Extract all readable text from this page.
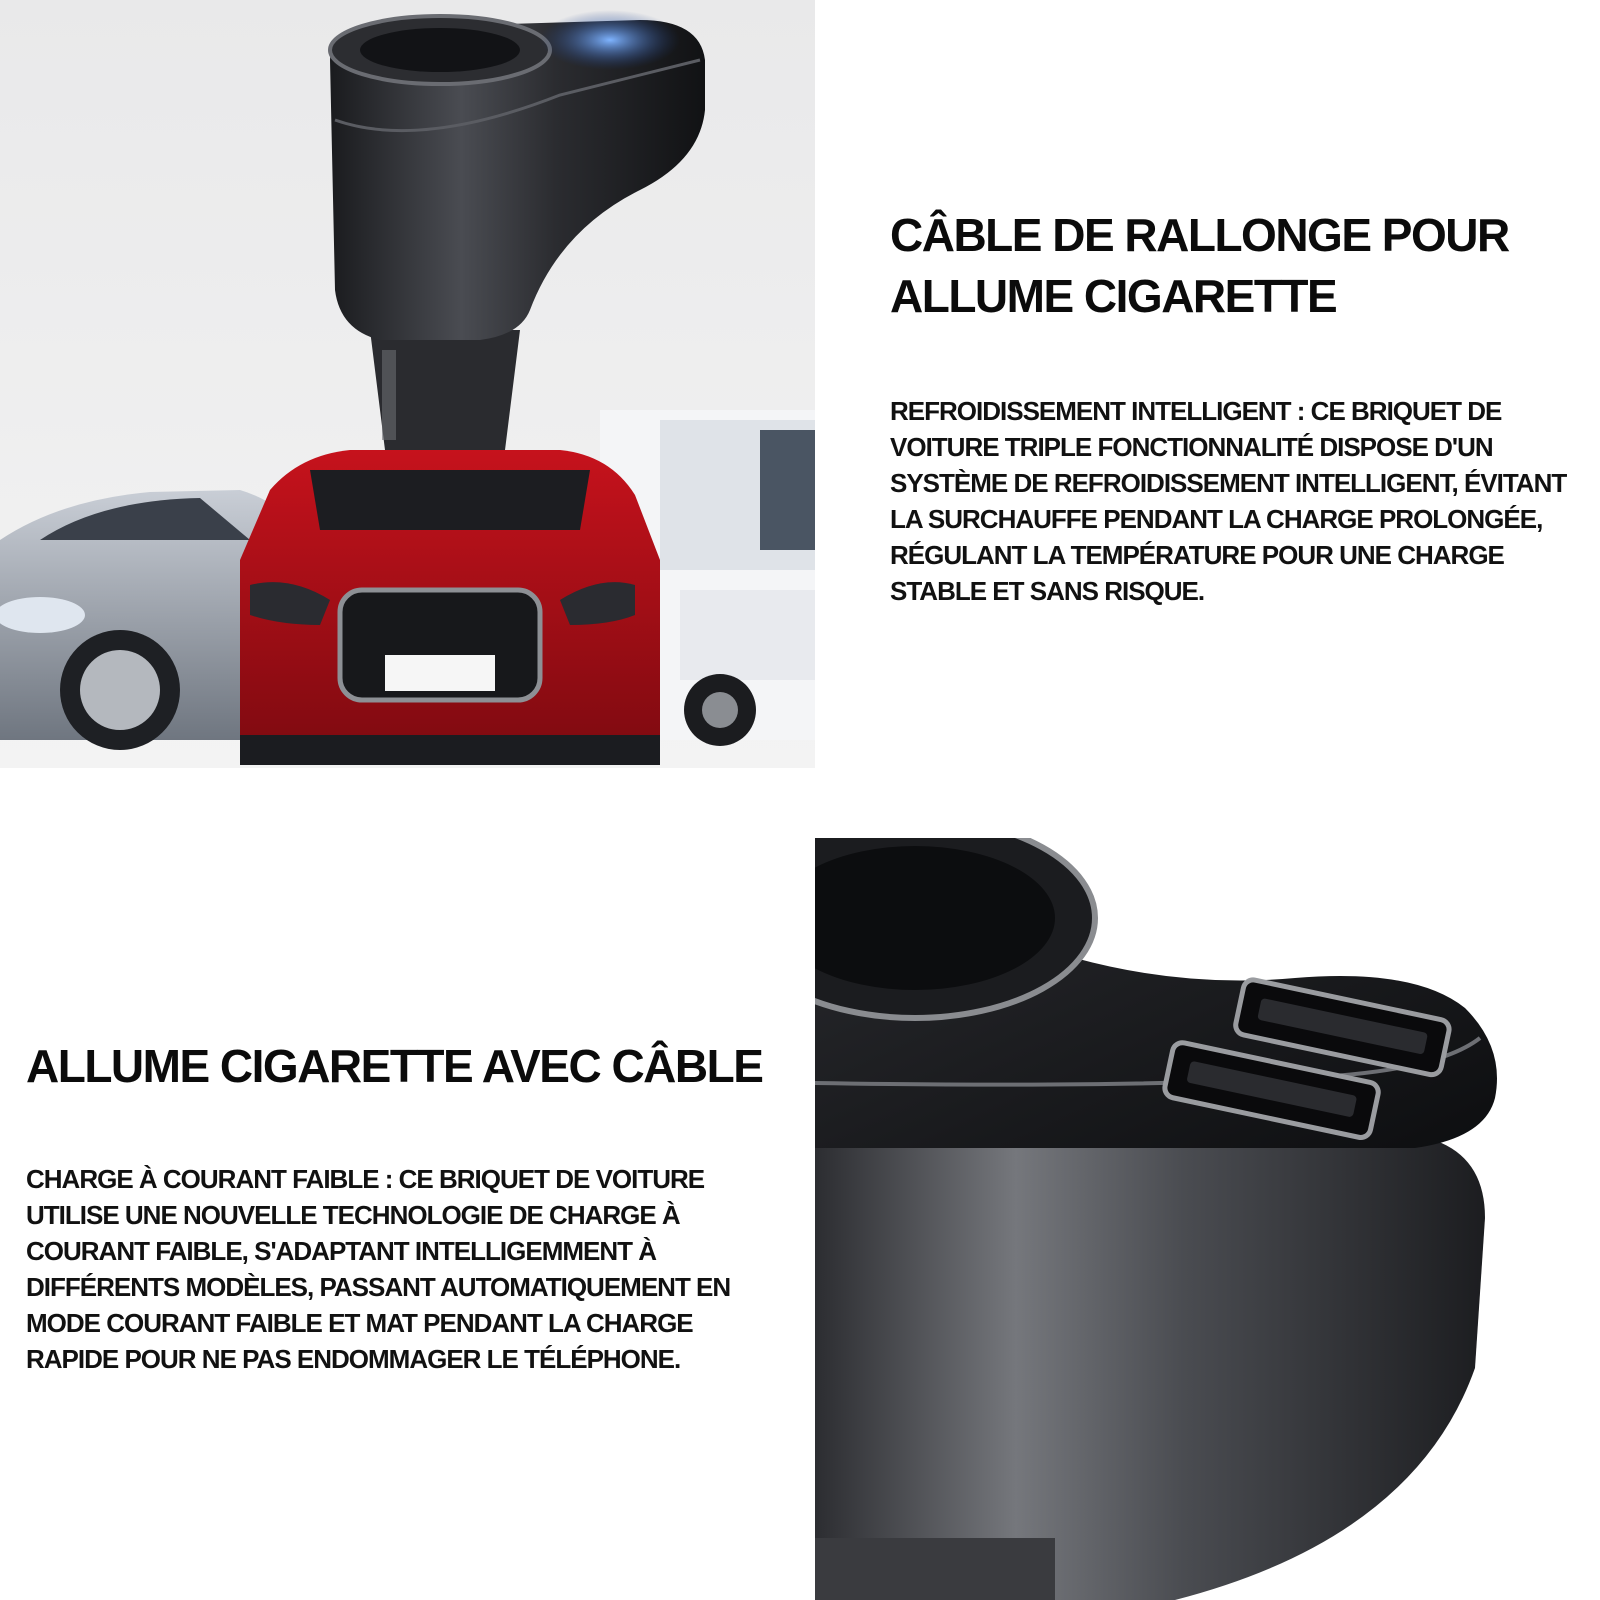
CÂBLE DE RALLONGE POUR ALLUME CIGARETTE

REFROIDISSEMENT INTELLIGENT : CE BRIQUET DE VOITURE TRIPLE FONCTIONNALITÉ DISPOSE D'UN SYSTÈME DE REFROIDISSEMENT INTELLIGENT, ÉVITANT LA SURCHAUFFE PENDANT LA CHARGE PROLONGÉE, RÉGULANT LA TEMPÉRATURE POUR UNE CHARGE STABLE ET SANS RISQUE.

ALLUME CIGARETTE AVEC CÂBLE

CHARGE À COURANT FAIBLE : CE BRIQUET DE VOITURE UTILISE UNE NOUVELLE TECHNOLOGIE DE CHARGE À COURANT FAIBLE, S'ADAPTANT INTELLIGEMMENT À DIFFÉRENTS MODÈLES, PASSANT AUTOMATIQUEMENT EN MODE COURANT FAIBLE ET MAT PENDANT LA CHARGE RAPIDE POUR NE PAS ENDOMMAGER LE TÉLÉPHONE.
